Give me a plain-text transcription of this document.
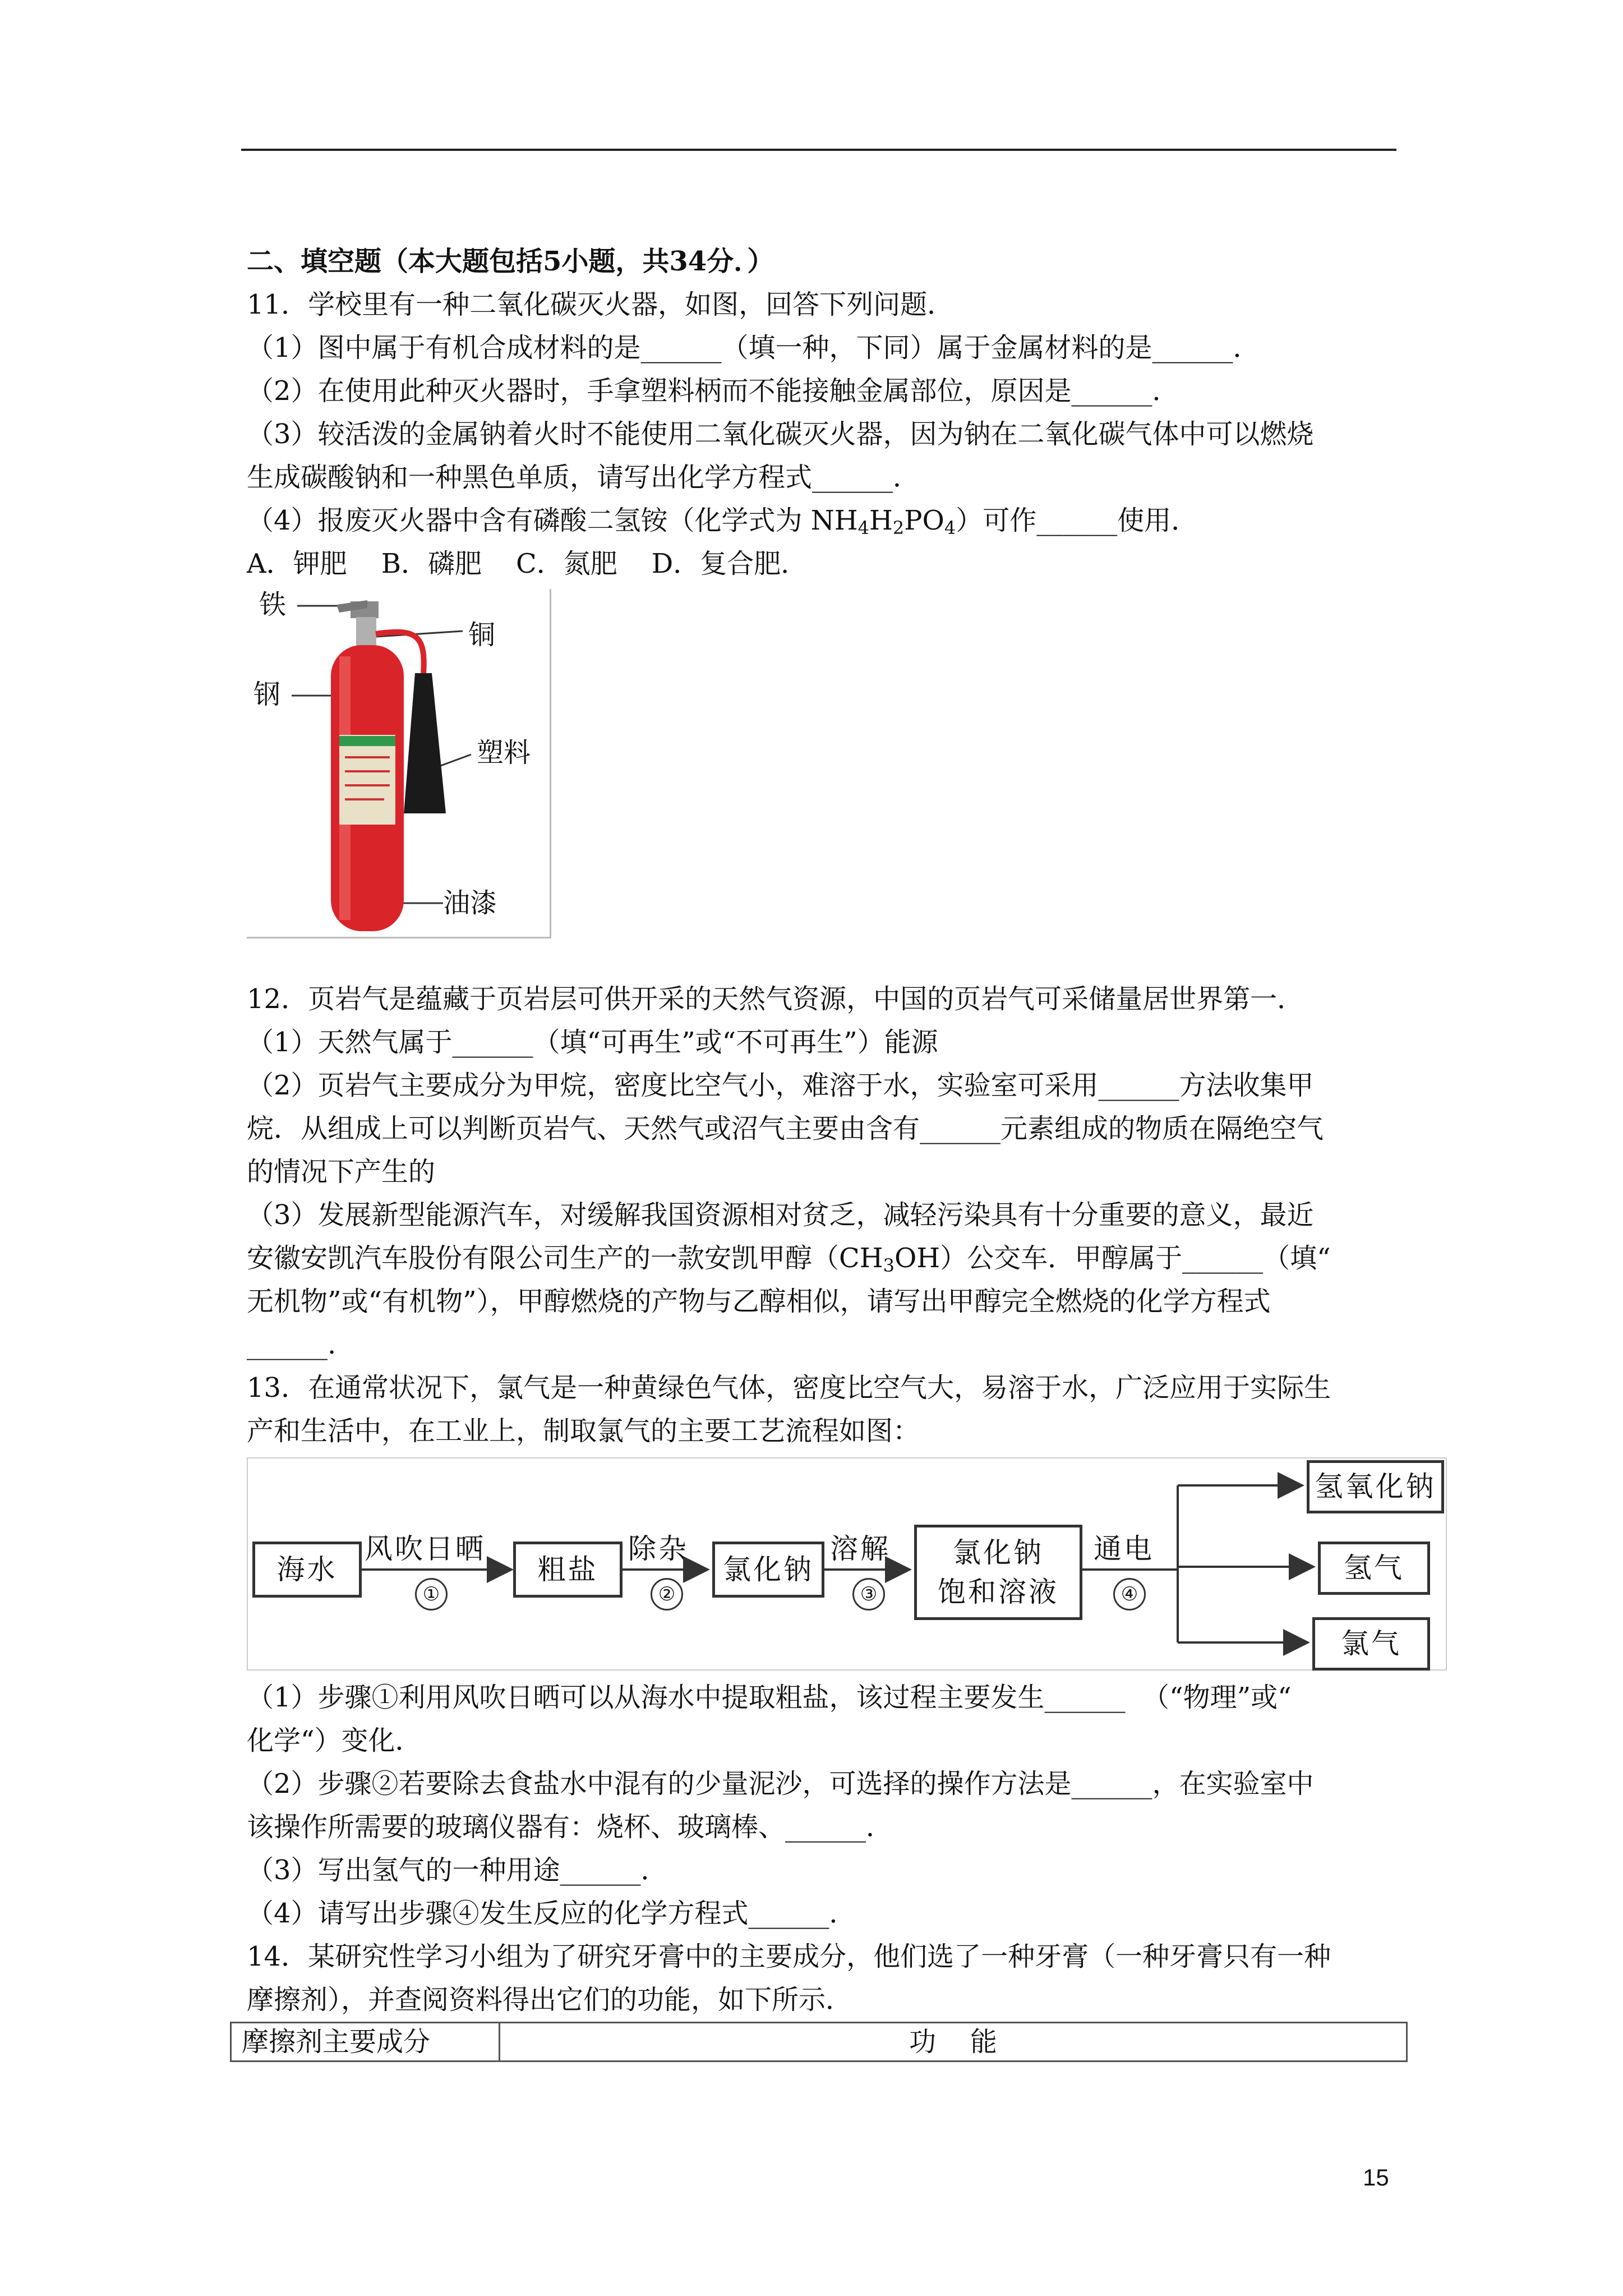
二、填空题（本大题包括5小题，共34分．）
11．学校里有一种二氧化碳灭火器，如图，回答下列问题．
（1）图中属于有机合成材料的是______（填一种，下同）属于金属材料的是______．
（2）在使用此种灭火器时，手拿塑料柄而不能接触金属部位，原因是______．
（3）较活泼的金属钠着火时不能使用二氧化碳灭火器，因为钠在二氧化碳气体中可以燃烧
生成碳酸钠和一种黑色单质，请写出化学方程式______．
（4）报废灭火器中含有磷酸二氢铵（化学式为 $NH_4H_2PO_4$）可作______使用．
A．钾肥    B．磷肥    C．氮肥    D．复合肥．
铁
钢
铜
塑料
油漆
12．页岩气是蕴藏于页岩层可供开采的天然气资源，中国的页岩气可采储量居世界第一．
（1）天然气属于______（填“可再生”或“不可再生”）能源
（2）页岩气主要成分为甲烷，密度比空气小，难溶于水，实验室可采用______方法收集甲
烷．从组成上可以判断页岩气、天然气或沼气主要由含有______元素组成的物质在隔绝空气
的情况下产生的
（3）发展新型能源汽车，对缓解我国资源相对贫乏，减轻污染具有十分重要的意义，最近
安徽安凯汽车股份有限公司生产的一款安凯甲醇$(CH_3OH)$公交车．甲醇属于______（填“
无机物”或“有机物”），甲醇燃烧的产物与乙醇相似，请写出甲醇完全燃烧的化学方程式
______.
13．在通常状况下，氯气是一种黄绿色气体，密度比空气大，易溶于水，广泛应用于实际生
产和生活中，在工业上，制取氯气的主要工艺流程如图：
海水	粗盐	氯化钠
氯化钠
饱和溶液
氢氧化钠
氢气
氯气
风吹日晒
①
除杂
②
溶解
③
通电
④
（1）步骤①利用风吹日晒可以从海水中提取粗盐，该过程主要发生______  （“物理”或“
化学“）变化．
（2）步骤②若要除去食盐水中混有的少量泥沙，可选择的操作方法是______，在实验室中
该操作所需要的玻璃仪器有：烧杯、玻璃棒、______．
（3）写出氢气的一种用途______．
（4）请写出步骤④发生反应的化学方程式______．
14．某研究性学习小组为了研究牙膏中的主要成分，他们选了一种牙膏（一种牙膏只有一种
摩擦剂），并查阅资料得出它们的功能，如下所示．
摩擦剂主要成分	功    能
15
